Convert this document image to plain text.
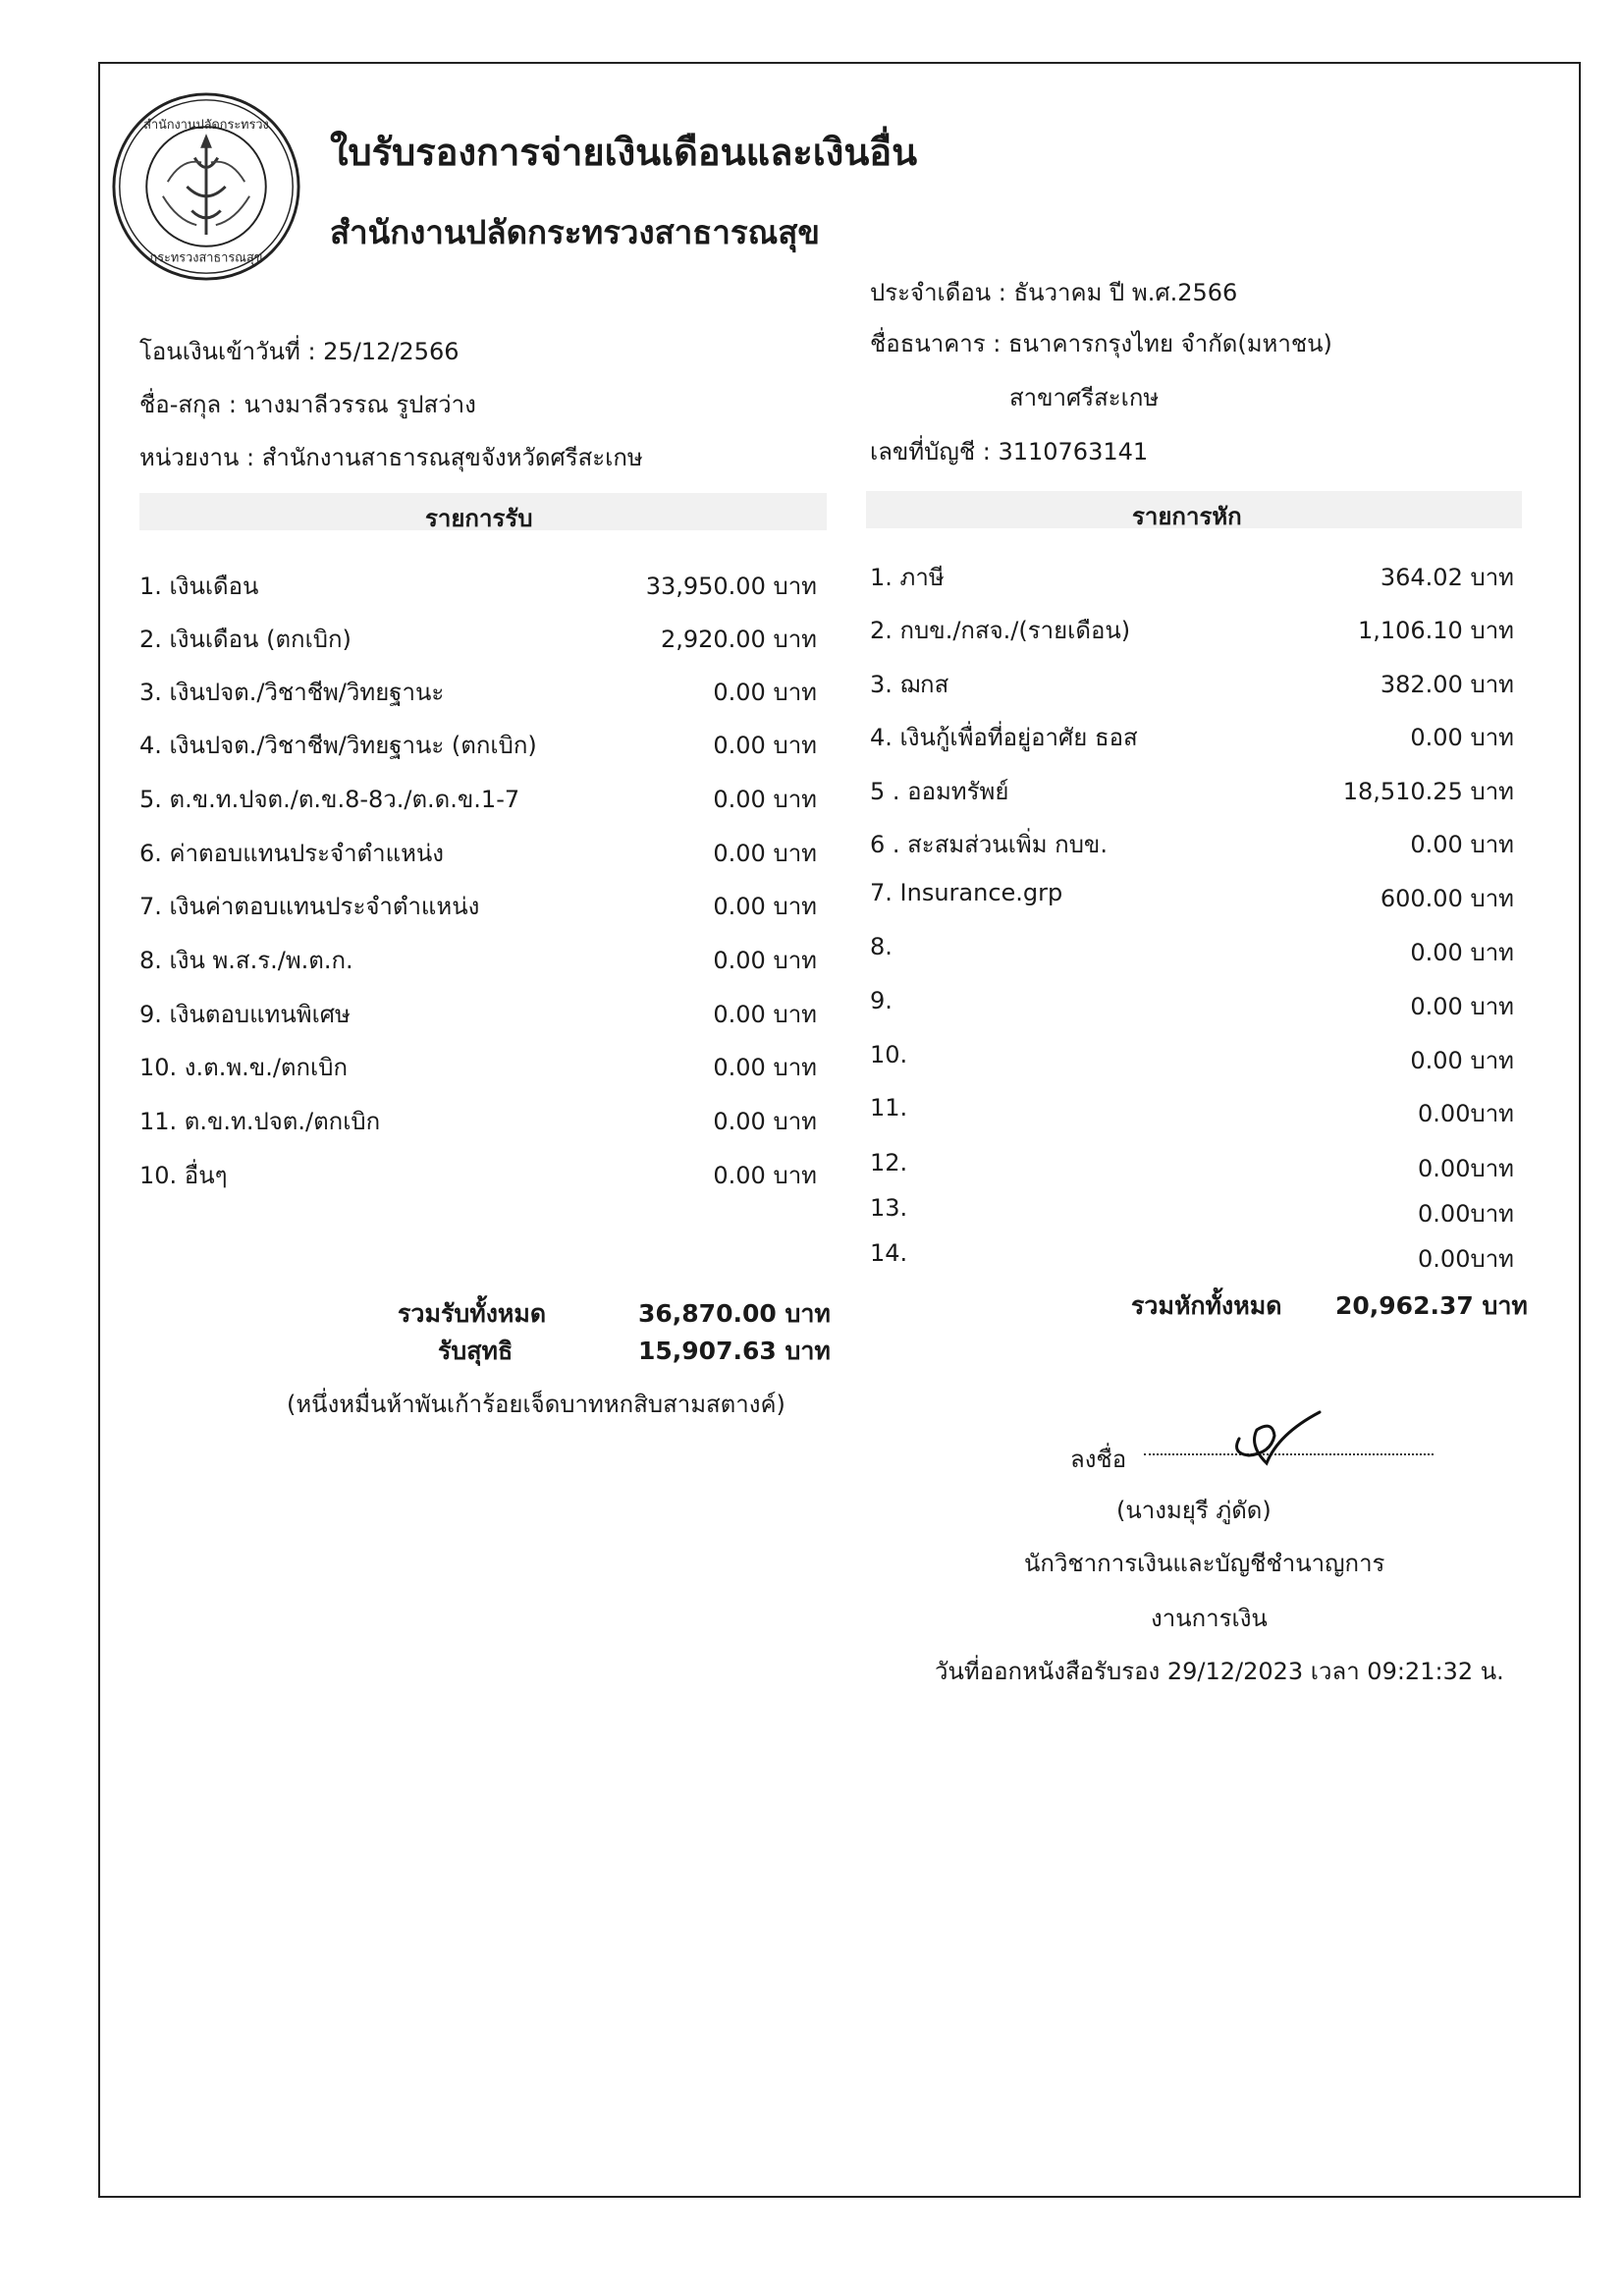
สำนักงานปลัดกระทรวง
กระทรวงสาธารณสุข
ใบรับรองการจ่ายเงินเดือนและเงินอื่น
สำนักงานปลัดกระทรวงสาธารณสุข
โอนเงินเข้าวันที่ : 25/12/2566
ชื่อ-สกุล : นางมาลีวรรณ รูปสว่าง
หน่วยงาน : สำนักงานสาธารณสุขจังหวัดศรีสะเกษ
ประจำเดือน : ธันวาคม ปี พ.ศ.2566
ชื่อธนาคาร : ธนาคารกรุงไทย จำกัด(มหาชน)
สาขาศรีสะเกษ
เลขที่บัญชี : 3110763141
รายการรับ	รายการหัก
1. เงินเดือน	33,950.00 บาท
2. เงินเดือน (ตกเบิก)	2,920.00 บาท
3. เงินปจต./วิชาชีพ/วิทยฐานะ	0.00 บาท
4. เงินปจต./วิชาชีพ/วิทยฐานะ (ตกเบิก)	0.00 บาท
5. ต.ข.ท.ปจต./ต.ข.8-8ว./ต.ด.ข.1-7	0.00 บาท
6. ค่าตอบแทนประจำตำแหน่ง	0.00 บาท
7. เงินค่าตอบแทนประจำตำแหน่ง	0.00 บาท
8. เงิน พ.ส.ร./พ.ต.ก.	0.00 บาท
9. เงินตอบแทนพิเศษ	0.00 บาท
10. ง.ต.พ.ข./ตกเบิก	0.00 บาท
11. ต.ข.ท.ปจต./ตกเบิก	0.00 บาท
10. อื่นๆ	0.00 บาท
1. ภาษี	364.02 บาท
2. กบข./กสจ./(รายเดือน)	1,106.10 บาท
3. ฌกส	382.00 บาท
4. เงินกู้เพื่อที่อยู่อาศัย ธอส	0.00 บาท
5 . ออมทรัพย์	18,510.25 บาท
6 . สะสมส่วนเพิ่ม กบข.	0.00 บาท
7. Insurance.grp	600.00 บาท
8.	0.00 บาท
9.	0.00 บาท
10.	0.00 บาท
11.	0.00บาท
12.	0.00บาท
13.	0.00บาท
14.	0.00บาท
รวมหักทั้งหมด 20,962.37 บาท
รวมรับทั้งหมด	36,870.00 บาท
รับสุทธิ	15,907.63 บาท
(หนึ่งหมื่นห้าพันเก้าร้อยเจ็ดบาทหกสิบสามสตางค์)
ลงชื่อ
(นางมยุรี ภู่ดัด)
นักวิชาการเงินและบัญชีชำนาญการ
งานการเงิน
วันที่ออกหนังสือรับรอง 29/12/2023 เวลา 09:21:32 น.
